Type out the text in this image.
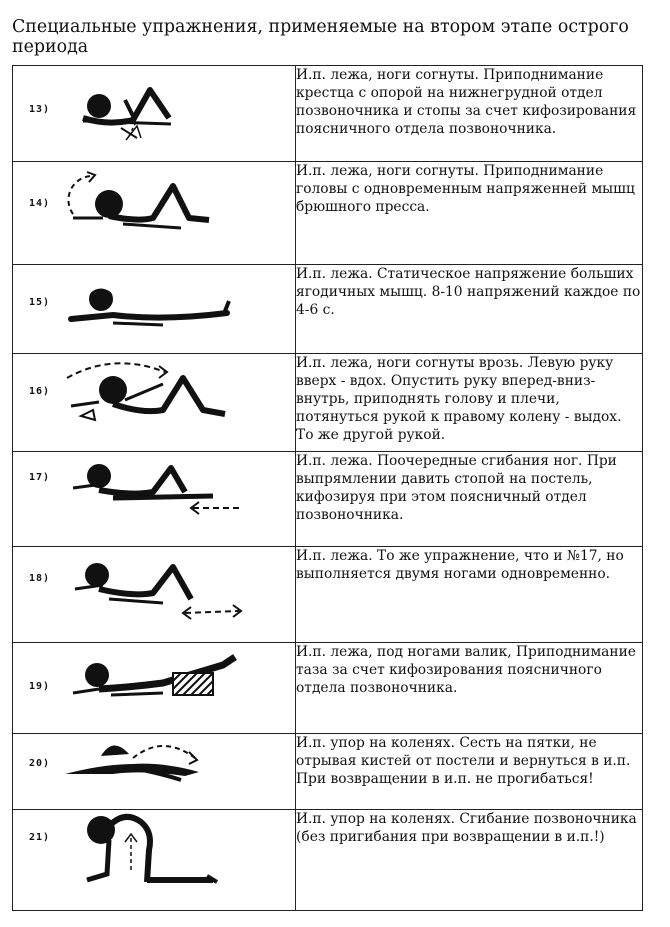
Специальные упражнения, применяемые на втором этапе острого периода
13)	И.п. лежа, ноги согнуты. Приподнимание крестца с опорой на нижнегрудной отдел позвоночника и стопы за счет кифозирования поясничного отдела позвоночника.

14)	И.п. лежа, ноги согнуты. Приподнимание головы с одновременным напряженней мышц брюшного пресса.

15)	И.п. лежа. Статическое напряжение больших ягодичных мышц. 8-10 напряжений каждое по 4-6 с.

16)	И.п. лежа, ноги согнуты врозь. Левую руку вверх - вдох. Опустить руку вперед-вниз-внутрь, приподнять голову и плечи, потянуться рукой к правому колену - выдох. То же другой рукой.

17)	И.п. лежа. Поочередные сгибания ног. При выпрямлении давить стопой на постель, кифозируя при этом поясничный отдел позвоночника.

18)	И.п. лежа. То же упражнение, что и №17, но выполняется двумя ногами одновременно.

19)	И.п. лежа, под ногами валик, Приподнимание таза за счет кифозирования поясничного отдела позвоночника.

20)	И.п. упор на коленях. Сесть на пятки, не отрывая кистей от постели и вернуться в и.п. При возвращении в и.п. не прогибаться!

21)	И.п. упор на коленях. Сгибание позвоночника (без пригибания при возвращении в и.п.!)
